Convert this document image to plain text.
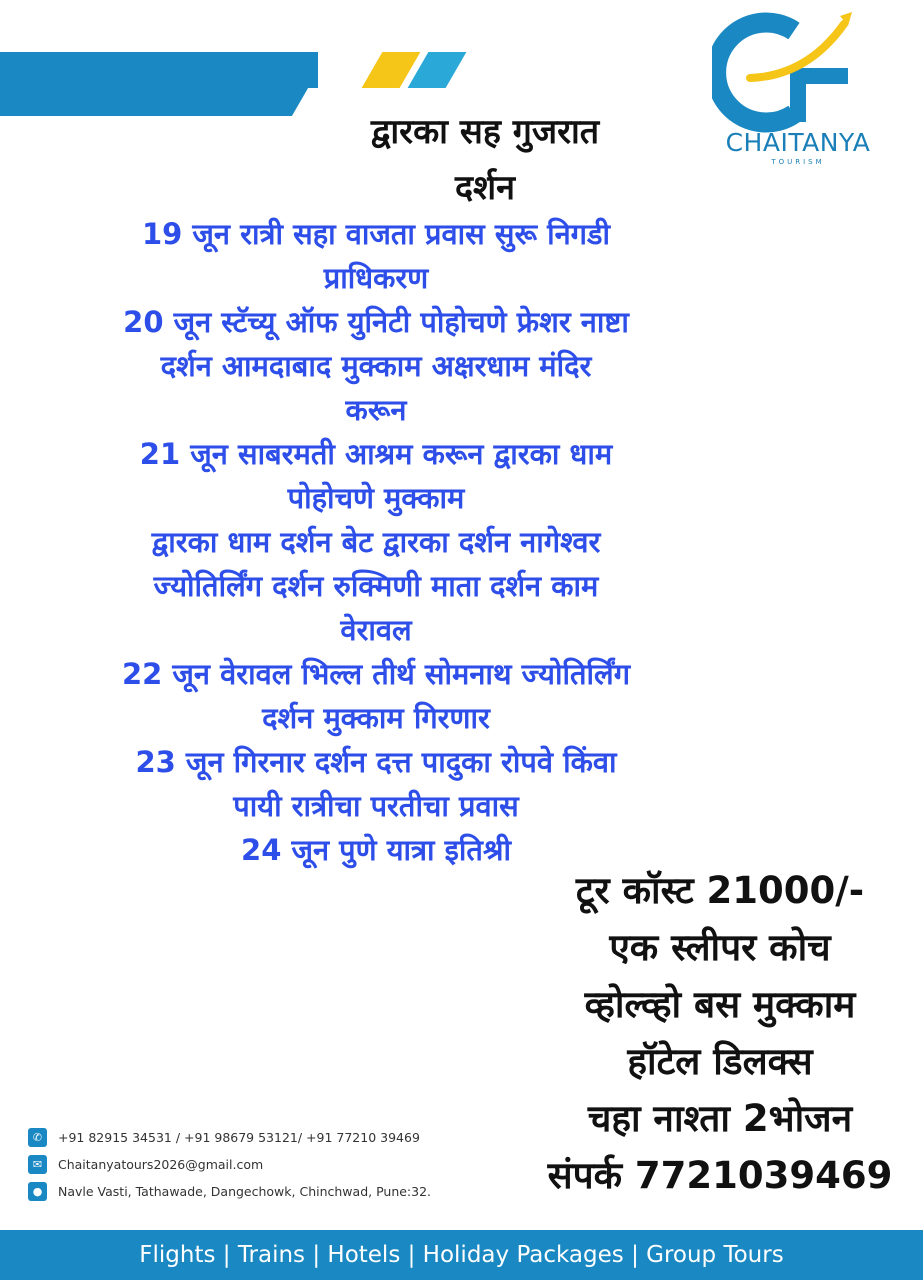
CHAITANYA
TOURISM
द्वारका सह गुजरात
दर्शन
19 जून रात्री सहा वाजता प्रवास सुरू निगडी
प्राधिकरण
20 जून स्टॅच्यू ऑफ युनिटी पोहोचणे फ्रेशर नाष्टा
दर्शन आमदाबाद मुक्काम अक्षरधाम मंदिर
करून
21 जून साबरमती आश्रम करून द्वारका धाम
पोहोचणे मुक्काम
द्वारका धाम दर्शन बेट द्वारका दर्शन नागेश्वर
ज्योतिर्लिंग दर्शन रुक्मिणी माता दर्शन काम
वेरावल
22 जून वेरावल भिल्ल तीर्थ सोमनाथ ज्योतिर्लिंग
दर्शन मुक्काम गिरणार
23 जून गिरनार दर्शन दत्त पादुका रोपवे किंवा
पायी रात्रीचा परतीचा प्रवास
24 जून पुणे यात्रा इतिश्री
टूर कॉस्ट 21000/-
एक स्लीपर कोच
व्होल्व्हो बस मुक्काम
हॉटेल डिलक्स
चहा नाश्ता 2भोजन
संपर्क 7721039469
✆	+91 82915 34531 / +91 98679 53121/ +91 77210 39469
✉	Chaitanyatours2026@gmail.com
●	Navle Vasti, Tathawade, Dangechowk, Chinchwad, Pune:32.
Flights | Trains | Hotels | Holiday Packages | Group Tours
